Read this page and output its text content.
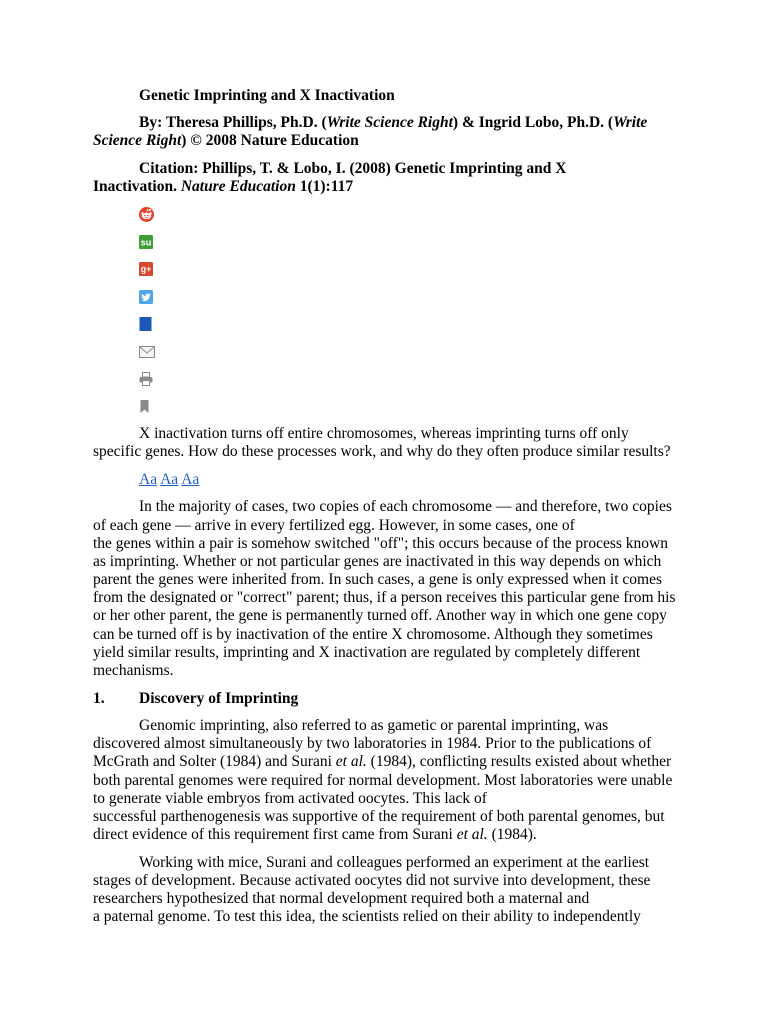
Genetic Imprinting and X Inactivation
By: Theresa Phillips, Ph.D. (Write Science Right) & Ingrid Lobo, Ph.D. (Write
Science Right) © 2008 Nature Education
Citation: Phillips, T. & Lobo, I. (2008) Genetic Imprinting and X
Inactivation. Nature Education 1(1):117
su
g+
X inactivation turns off entire chromosomes, whereas imprinting turns off only
specific genes. How do these processes work, and why do they often produce similar results?
Aa Aa Aa
In the majority of cases, two copies of each chromosome — and therefore, two copies
of each gene — arrive in every fertilized egg. However, in some cases, one of
the genes within a pair is somehow switched "off"; this occurs because of the process known
as imprinting. Whether or not particular genes are inactivated in this way depends on which
parent the genes were inherited from. In such cases, a gene is only expressed when it comes
from the designated or "correct" parent; thus, if a person receives this particular gene from his
or her other parent, the gene is permanently turned off. Another way in which one gene copy
can be turned off is by inactivation of the entire X chromosome. Although they sometimes
yield similar results, imprinting and X inactivation are regulated by completely different
mechanisms.
1. Discovery of Imprinting
Genomic imprinting, also referred to as gametic or parental imprinting, was
discovered almost simultaneously by two laboratories in 1984. Prior to the publications of
McGrath and Solter (1984) and Surani et al. (1984), conflicting results existed about whether
both parental genomes were required for normal development. Most laboratories were unable
to generate viable embryos from activated oocytes. This lack of
successful parthenogenesis was supportive of the requirement of both parental genomes, but
direct evidence of this requirement first came from Surani et al. (1984).
Working with mice, Surani and colleagues performed an experiment at the earliest
stages of development. Because activated oocytes did not survive into development, these
researchers hypothesized that normal development required both a maternal and
a paternal genome. To test this idea, the scientists relied on their ability to independently
